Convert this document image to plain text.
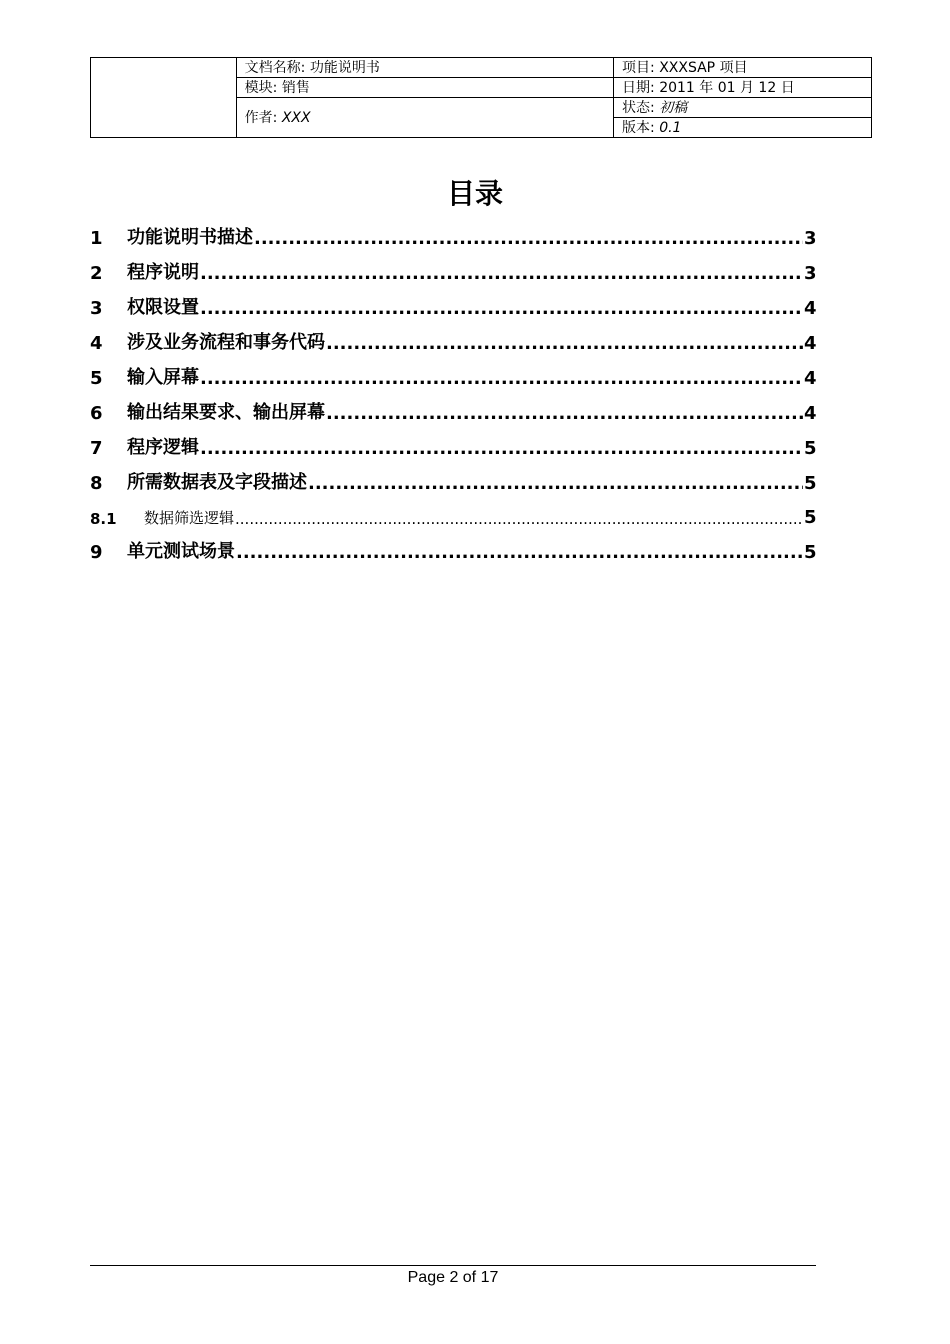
	文档名称: 功能说明书	项目: XXXSAP 项目
	模块: 销售	日期: 2011 年 01 月 12 日
	作者: XXX	状态: 初稿
		版本: 0.1
目录
1	功能说明书描述 .....	3
2	程序说明 .....	3
3	权限设置 .....	4
4	涉及业务流程和事务代码 .....	4
5	输入屏幕 .....	4
6	输出结果要求、输出屏幕 .....	4
7	程序逻辑 .....	5
8	所需数据表及字段描述 .....	5
8.1	数据筛选逻辑 .....	5
9	单元测试场景 .....	5
Page 2 of 17
